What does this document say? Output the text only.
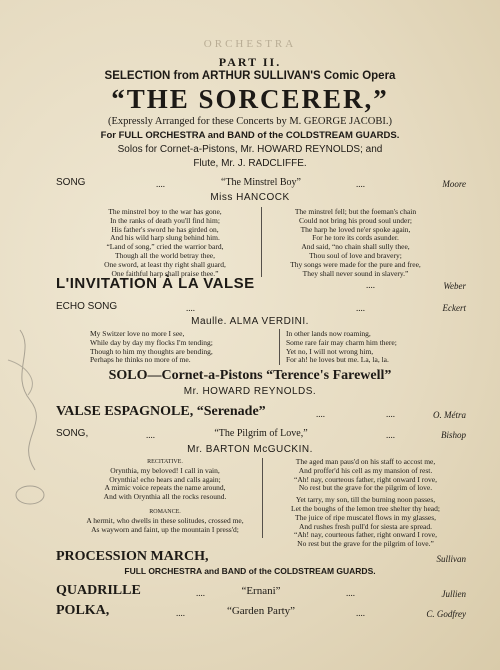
ORCHESTRA
PART II.
SELECTION from ARTHUR SULLIVAN'S Comic Opera
“THE SORCERER,”
(Expressly Arranged for these Concerts by M. GEORGE JACOBI.)
For FULL ORCHESTRA and BAND of the COLDSTREAM GUARDS.
Solos for Cornet-a-Pistons, Mr. HOWARD REYNOLDS; and
Flute, Mr. J. RADCLIFFE.
SONG	....	“The Minstrel Boy”	....	Moore
Miss HANCOCK
The minstrel boy to the war has gone,
In the ranks of death you'll find him;
His father's sword he has girded on,
And his wild harp slung behind him.
“Land of song,” cried the warrior bard,
Though all the world betray thee,
One sword, at least thy right shall guard,
One faithful harp shall praise thee.”
The minstrel fell; but the foeman's chain
Could not bring his proud soul under;
The harp he loved ne'er spoke again,
For he tore its cords asunder.
And said, “no chain shall sully thee,
Thou soul of love and bravery;
Thy songs were made for the pure and free,
They shall never sound in slavery.”
L'INVITATION À LA VALSE	....	Weber
ECHO SONG	....	....	Eckert
Maulle. ALMA VERDINI.
My Switzer love no more I see,
While day by day my flocks I'm tending;
Though to him my thoughts are bending,
Perhaps he thinks no more of me.
In other lands now roaming,
Some rare fair may charm him there;
Yet no, I will not wrong him,
For ah! he loves but me. La, la, la.
SOLO—Cornet-a-Pistons “Terence's Farewell”
Mr. HOWARD REYNOLDS.
VALSE ESPAGNOLE, “Serenade”	....	....	O. Métra
SONG,	....	“The Pilgrim of Love,”	....	Bishop
Mr. BARTON McGUCKIN.
RECITATIVE.
Orynthia, my beloved! I call in vain,
Orynthia! echo hears and calls again;
A mimic voice repeats the name around,
And with Orynthia all the rocks resound.
ROMANCE.
A hermit, who dwells in these solitudes, crossed me,
As wayworn and faint, up the mountain I press'd;
The aged man paus'd on his staff to accost me,
And proffer'd his cell as my mansion of rest.
“Ah! nay, courteous father, right onward I rove,
No rest but the grave for the pilgrim of love.
Yet tarry, my son, till the burning noon passes,
Let the boughs of the lemon tree shelter thy head;
The juice of ripe muscatel flows in my glasses,
And rushes fresh pull'd for siesta are spread.
“Ah! nay, courteous father, right onward I rove,
No rest but the grave for the pilgrim of love.”
PROCESSION MARCH,	Sullivan
FULL ORCHESTRA and BAND of the COLDSTREAM GUARDS.
QUADRILLE	....	“Ernani”	....	Jullien
POLKA,	....	“Garden Party”	....	C. Godfrey
